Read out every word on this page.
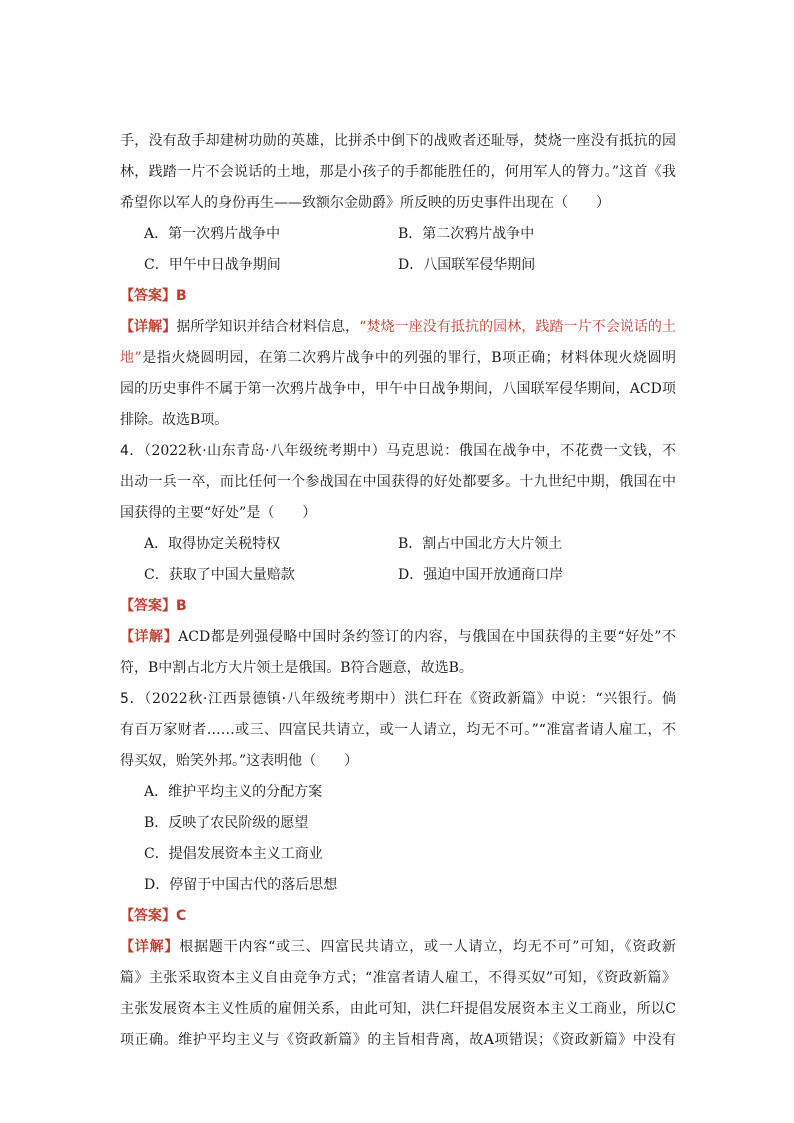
手，没有敌手却建树功勋的英雄，比拼杀中倒下的战败者还耻辱，焚烧一座没有抵抗的园
林，践踏一片不会说话的土地，那是小孩子的手都能胜任的，何用军人的膂力。”这首《我
希望你以军人的身份再生——致额尔金勋爵》所反映的历史事件出现在（　　）
A．第一次鸦片战争中	B．第二次鸦片战争中
C．甲午中日战争期间	D．八国联军侵华期间
【答案】B
【详解】据所学知识并结合材料信息，“焚烧一座没有抵抗的园林，践踏一片不会说话的土
地”是指火烧圆明园，在第二次鸦片战争中的列强的罪行，B项正确；材料体现火烧圆明
园的历史事件不属于第一次鸦片战争中，甲午中日战争期间，八国联军侵华期间，ACD项
排除。故选B项。
4．（2022秋·山东青岛·八年级统考期中）马克思说：俄国在战争中，不花费一文钱，不
出动一兵一卒，而比任何一个参战国在中国获得的好处都要多。十九世纪中期，俄国在中
国获得的主要“好处”是（　　）
A．取得协定关税特权	B．割占中国北方大片领土
C．获取了中国大量赔款	D．强迫中国开放通商口岸
【答案】B
【详解】ACD都是列强侵略中国时条约签订的内容，与俄国在中国获得的主要“好处”不
符，B中割占北方大片领土是俄国。B符合题意，故选B。
5．（2022秋·江西景德镇·八年级统考期中）洪仁玕在《资政新篇》中说：“兴银行。倘
有百万家财者……或三、四富民共请立，或一人请立，均无不可。”“准富者请人雇工，不
得买奴，贻笑外邦。”这表明他（　　）
A．维护平均主义的分配方案
B．反映了农民阶级的愿望
C．提倡发展资本主义工商业
D．停留于中国古代的落后思想
【答案】C
【详解】根据题干内容“或三、四富民共请立，或一人请立，均无不可”可知，《资政新
篇》主张采取资本主义自由竞争方式；“准富者请人雇工，不得买奴”可知，《资政新篇》
主张发展资本主义性质的雇佣关系，由此可知，洪仁玕提倡发展资本主义工商业，所以C
项正确。维护平均主义与《资政新篇》的主旨相背离，故A项错误；《资政新篇》中没有
